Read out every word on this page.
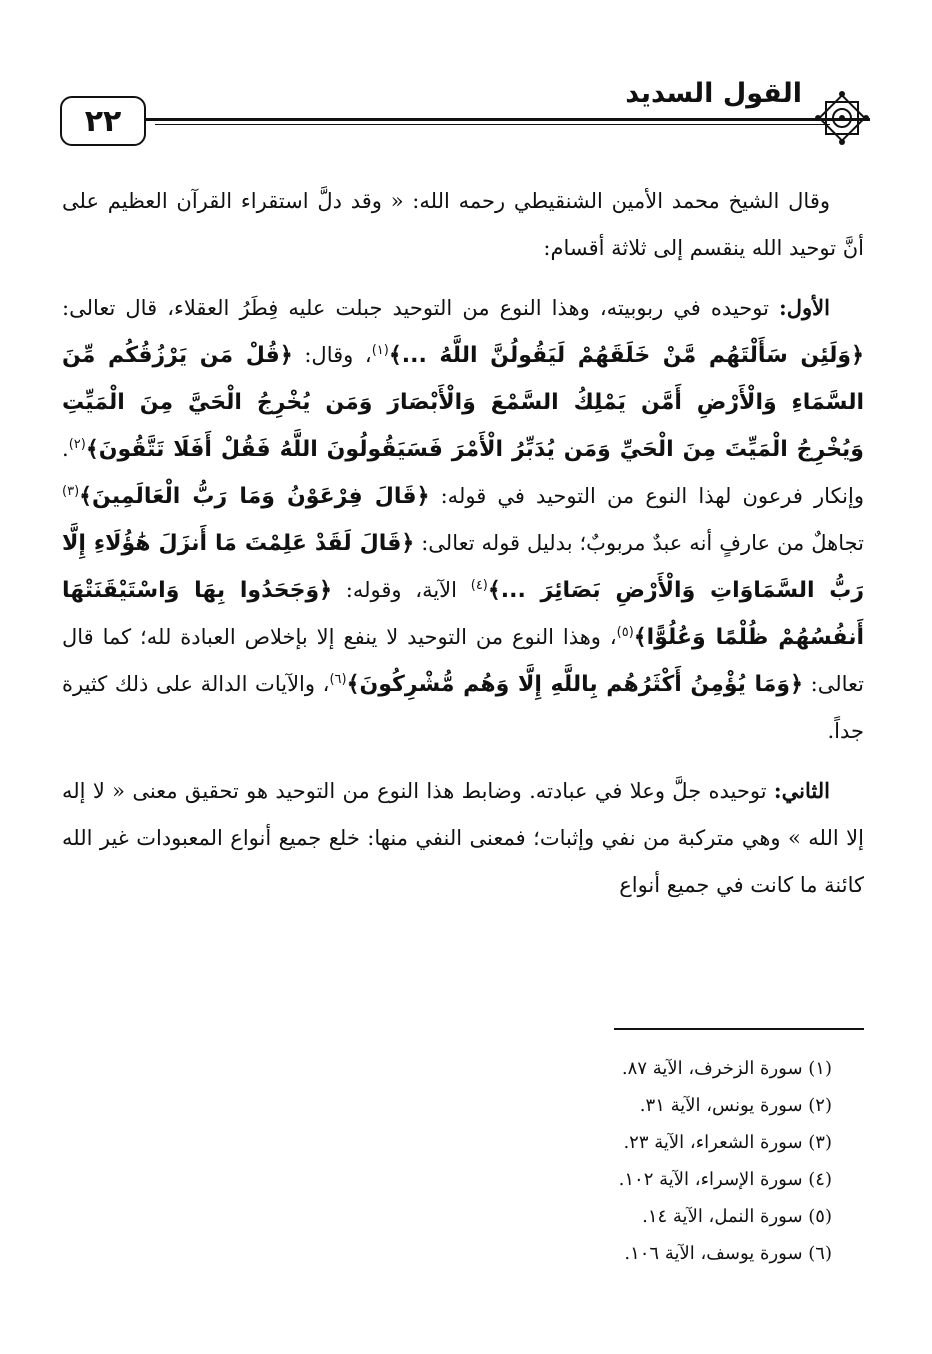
٢٢
القول السديد

وقال الشيخ محمد الأمين الشنقيطي رحمه الله: « وقد دلَّ استقراء القرآن العظيم على أنَّ توحيد الله ينقسم إلى ثلاثة أقسام:

الأول: توحيده في ربوبيته، وهذا النوع من التوحيد جبلت عليه فِطَرُ العقلاء، قال تعالى: ﴿وَلَئِن سَأَلْتَهُم مَّنْ خَلَقَهُمْ لَيَقُولُنَّ اللَّهُ ...﴾$^{(١)}$، وقال: ﴿قُلْ مَن يَرْزُقُكُم مِّنَ السَّمَاءِ وَالْأَرْضِ أَمَّن يَمْلِكُ السَّمْعَ وَالْأَبْصَارَ وَمَن يُخْرِجُ الْحَيَّ مِنَ الْمَيِّتِ وَيُخْرِجُ الْمَيِّتَ مِنَ الْحَيِّ وَمَن يُدَبِّرُ الْأَمْرَ فَسَيَقُولُونَ اللَّهُ فَقُلْ أَفَلَا تَتَّقُونَ﴾$^{(٢)}$. وإنكار فرعون لهذا النوع من التوحيد في قوله: ﴿قَالَ فِرْعَوْنُ وَمَا رَبُّ الْعَالَمِينَ﴾$^{(٣)}$ تجاهلٌ من عارفٍ أنه عبدٌ مربوبٌ؛ بدليل قوله تعالى: ﴿قَالَ لَقَدْ عَلِمْتَ مَا أَنزَلَ هَٰؤُلَاءِ إِلَّا رَبُّ السَّمَاوَاتِ وَالْأَرْضِ بَصَائِرَ ...﴾$^{(٤)}$ الآية، وقوله: ﴿وَجَحَدُوا بِهَا وَاسْتَيْقَنَتْهَا أَنفُسُهُمْ ظُلْمًا وَعُلُوًّا﴾$^{(٥)}$، وهذا النوع من التوحيد لا ينفع إلا بإخلاص العبادة لله؛ كما قال تعالى: ﴿وَمَا يُؤْمِنُ أَكْثَرُهُم بِاللَّهِ إِلَّا وَهُم مُّشْرِكُونَ﴾$^{(٦)}$، والآيات الدالة على ذلك كثيرة جداً.

الثاني: توحيده جلَّ وعلا في عبادته. وضابط هذا النوع من التوحيد هو تحقيق معنى « لا إله إلا الله » وهي متركبة من نفي وإثبات؛ فمعنى النفي منها: خلع جميع أنواع المعبودات غير الله كائنة ما كانت في جميع أنواع

(١) سورة الزخرف، الآية ٨٧.
(٢) سورة يونس، الآية ٣١.
(٣) سورة الشعراء، الآية ٢٣.
(٤) سورة الإسراء، الآية ١٠٢.
(٥) سورة النمل، الآية ١٤.
(٦) سورة يوسف، الآية ١٠٦.
